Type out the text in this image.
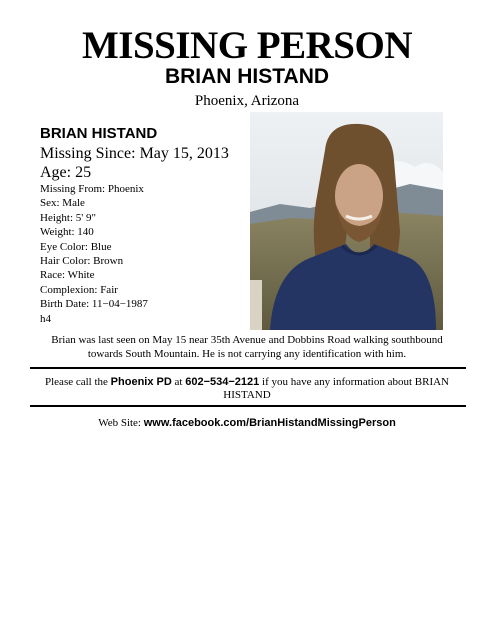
MISSING PERSON
BRIAN HISTAND
Phoenix, Arizona
BRIAN HISTAND
Missing Since: May 15, 2013
Age: 25
Missing From: Phoenix
Sex: Male
Height: 5' 9"
Weight: 140
Eye Color: Blue
Hair Color: Brown
Race: White
Complexion: Fair
Birth Date: 11−04−1987
h4
Brian was last seen on May 15 near 35th Avenue and Dobbins Road walking southbound towards South Mountain. He is not carrying any identification with him.
Please call the Phoenix PD at 602−534−2121 if you have any information about BRIAN HISTAND
Web Site: www.facebook.com/BrianHistandMissingPerson
